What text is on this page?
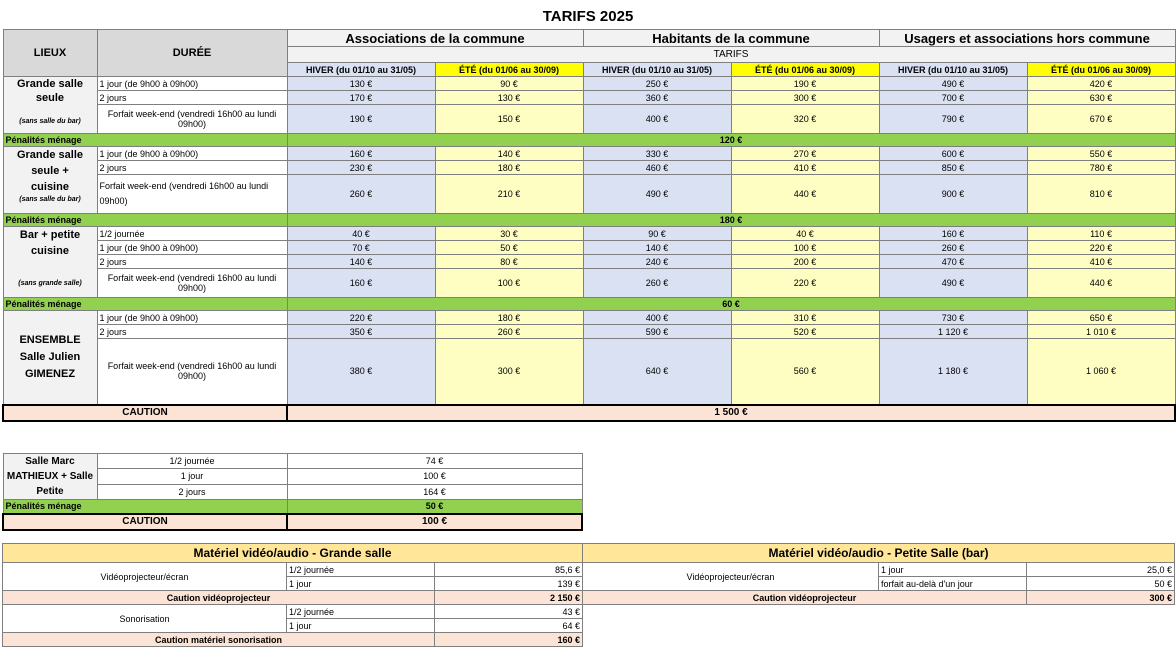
TARIFS 2025
LIEUX	DURÉE	Associations de la commune		Habitants de la commune		Usagers et associations hors commune	
		TARIFS					
		HIVER (du 01/10 au 31/05)	ÉTÉ (du 01/06 au 30/09)	HIVER (du 01/10 au 31/05)	ÉTÉ (du 01/06 au 30/09)	HIVER (du 01/10 au 31/05)	ÉTÉ (du 01/06 au 30/09)

Grande salle seule
(sans salle du bar)	1 jour (de 9h00 à 09h00)	130 €	90 €	250 €	190 €	490 €	420 €
	2 jours	170 €	130 €	360 €	300 €	700 €	630 €
	Forfait week-end (vendredi 16h00 au lundi 09h00)	190 €	150 €	400 €	320 €	790 €	670 €
Pénalités ménage		120 €					

Grande salle seule + cuisine
(sans salle du bar)	1 jour (de 9h00 à 09h00)	160 €	140 €	330 €	270 €	600 €	550 €
	2 jours	230 €	180 €	460 €	410 €	850 €	780 €
	Forfait week-end (vendredi 16h00 au lundi 09h00)	260 €	210 €	490 €	440 €	900 €	810 €
Pénalités ménage		180 €					

Bar + petite cuisine
(sans grande salle)	1/2 journée	40 €	30 €	90 €	40 €	160 €	110 €
	1 jour (de 9h00 à 09h00)	70 €	50 €	140 €	100 €	260 €	220 €
	2 jours	140 €	80 €	240 €	200 €	470 €	410 €
	Forfait week-end (vendredi 16h00 au lundi 09h00)	160 €	100 €	260 €	220 €	490 €	440 €
Pénalités ménage		60 €					

ENSEMBLE Salle Julien GIMENEZ	1 jour (de 9h00 à 09h00)	220 €	180 €	400 €	310 €	730 €	650 €
	2 jours	350 €	260 €	590 €	520 €	1 120 €	1 010 €
	Forfait week-end (vendredi 16h00 au lundi 09h00)	380 €	300 €	640 €	560 €	1 180 €	1 060 €
CAUTION		1 500 €					
Salle Marc MATHIEUX + Salle Petite	1/2 journée	74 €
	1 jour	100 €
	2 jours	164 €
Pénalités ménage		50 €
CAUTION		100 €
Matériel vidéo/audio - Grande salle		
Vidéoprojecteur/écran	1/2 journée	85,6 €
	1 jour	139 €
Caution vidéoprojecteur		2 150 €
Sonorisation	1/2 journée	43 €
	1 jour	64 €
Caution matériel sonorisation		160 €
Matériel vidéo/audio - Petite Salle (bar)		
Vidéoprojecteur/écran	1 jour	25,0 €
	forfait au-delà d'un jour	50 €
Caution vidéoprojecteur		300 €
